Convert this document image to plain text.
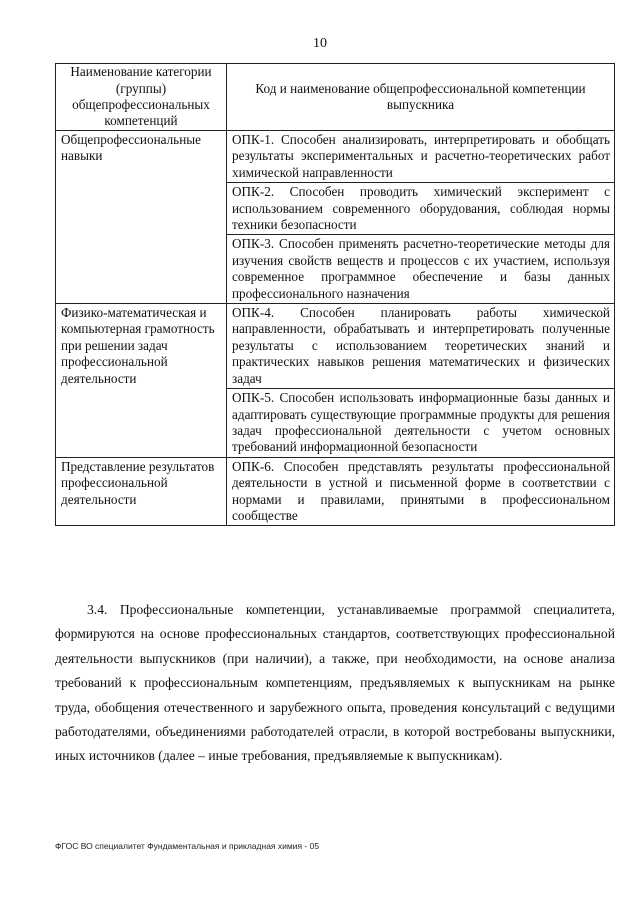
10
Наименование категории (группы) общепрофессиональных компетенций	Код и наименование общепрофессиональной компетенции выпускника
Общепрофессиональные навыки	ОПК-1. Способен анализировать, интерпретировать и обобщать результаты экспериментальных и расчетно-теоретических работ химической направленности
	ОПК-2. Способен проводить химический эксперимент с использованием современного оборудования, соблюдая нормы техники безопасности
	ОПК-3. Способен применять расчетно-теоретические методы для изучения свойств веществ и процессов с их участием, используя современное программное обеспечение и базы данных профессионального назначения
Физико-математическая и компьютерная грамотность при решении задач профессиональной деятельности	ОПК-4. Способен планировать работы химической направленности, обрабатывать и интерпретировать полученные результаты с использованием теоретических знаний и практических навыков решения математических и физических задач
	ОПК-5. Способен использовать информационные базы данных и адаптировать существующие программные продукты для решения задач профессиональной деятельности с учетом основных требований информационной безопасности
Представление результатов профессиональной деятельности	ОПК-6. Способен представлять результаты профессиональной деятельности в устной и письменной форме в соответствии с нормами и правилами, принятыми в профессиональном сообществе

3.4. Профессиональные компетенции, устанавливаемые программой специалитета, формируются на основе профессиональных стандартов, соответствующих профессиональной деятельности выпускников (при наличии), а также, при необходимости, на основе анализа требований к профессиональным компетенциям, предъявляемых к выпускникам на рынке труда, обобщения отечественного и зарубежного опыта, проведения консультаций с ведущими работодателями, объединениями работодателей отрасли, в которой востребованы выпускники, иных источников (далее – иные требования, предъявляемые к выпускникам).

ФГОС ВО специалитет Фундаментальная и прикладная химия - 05
